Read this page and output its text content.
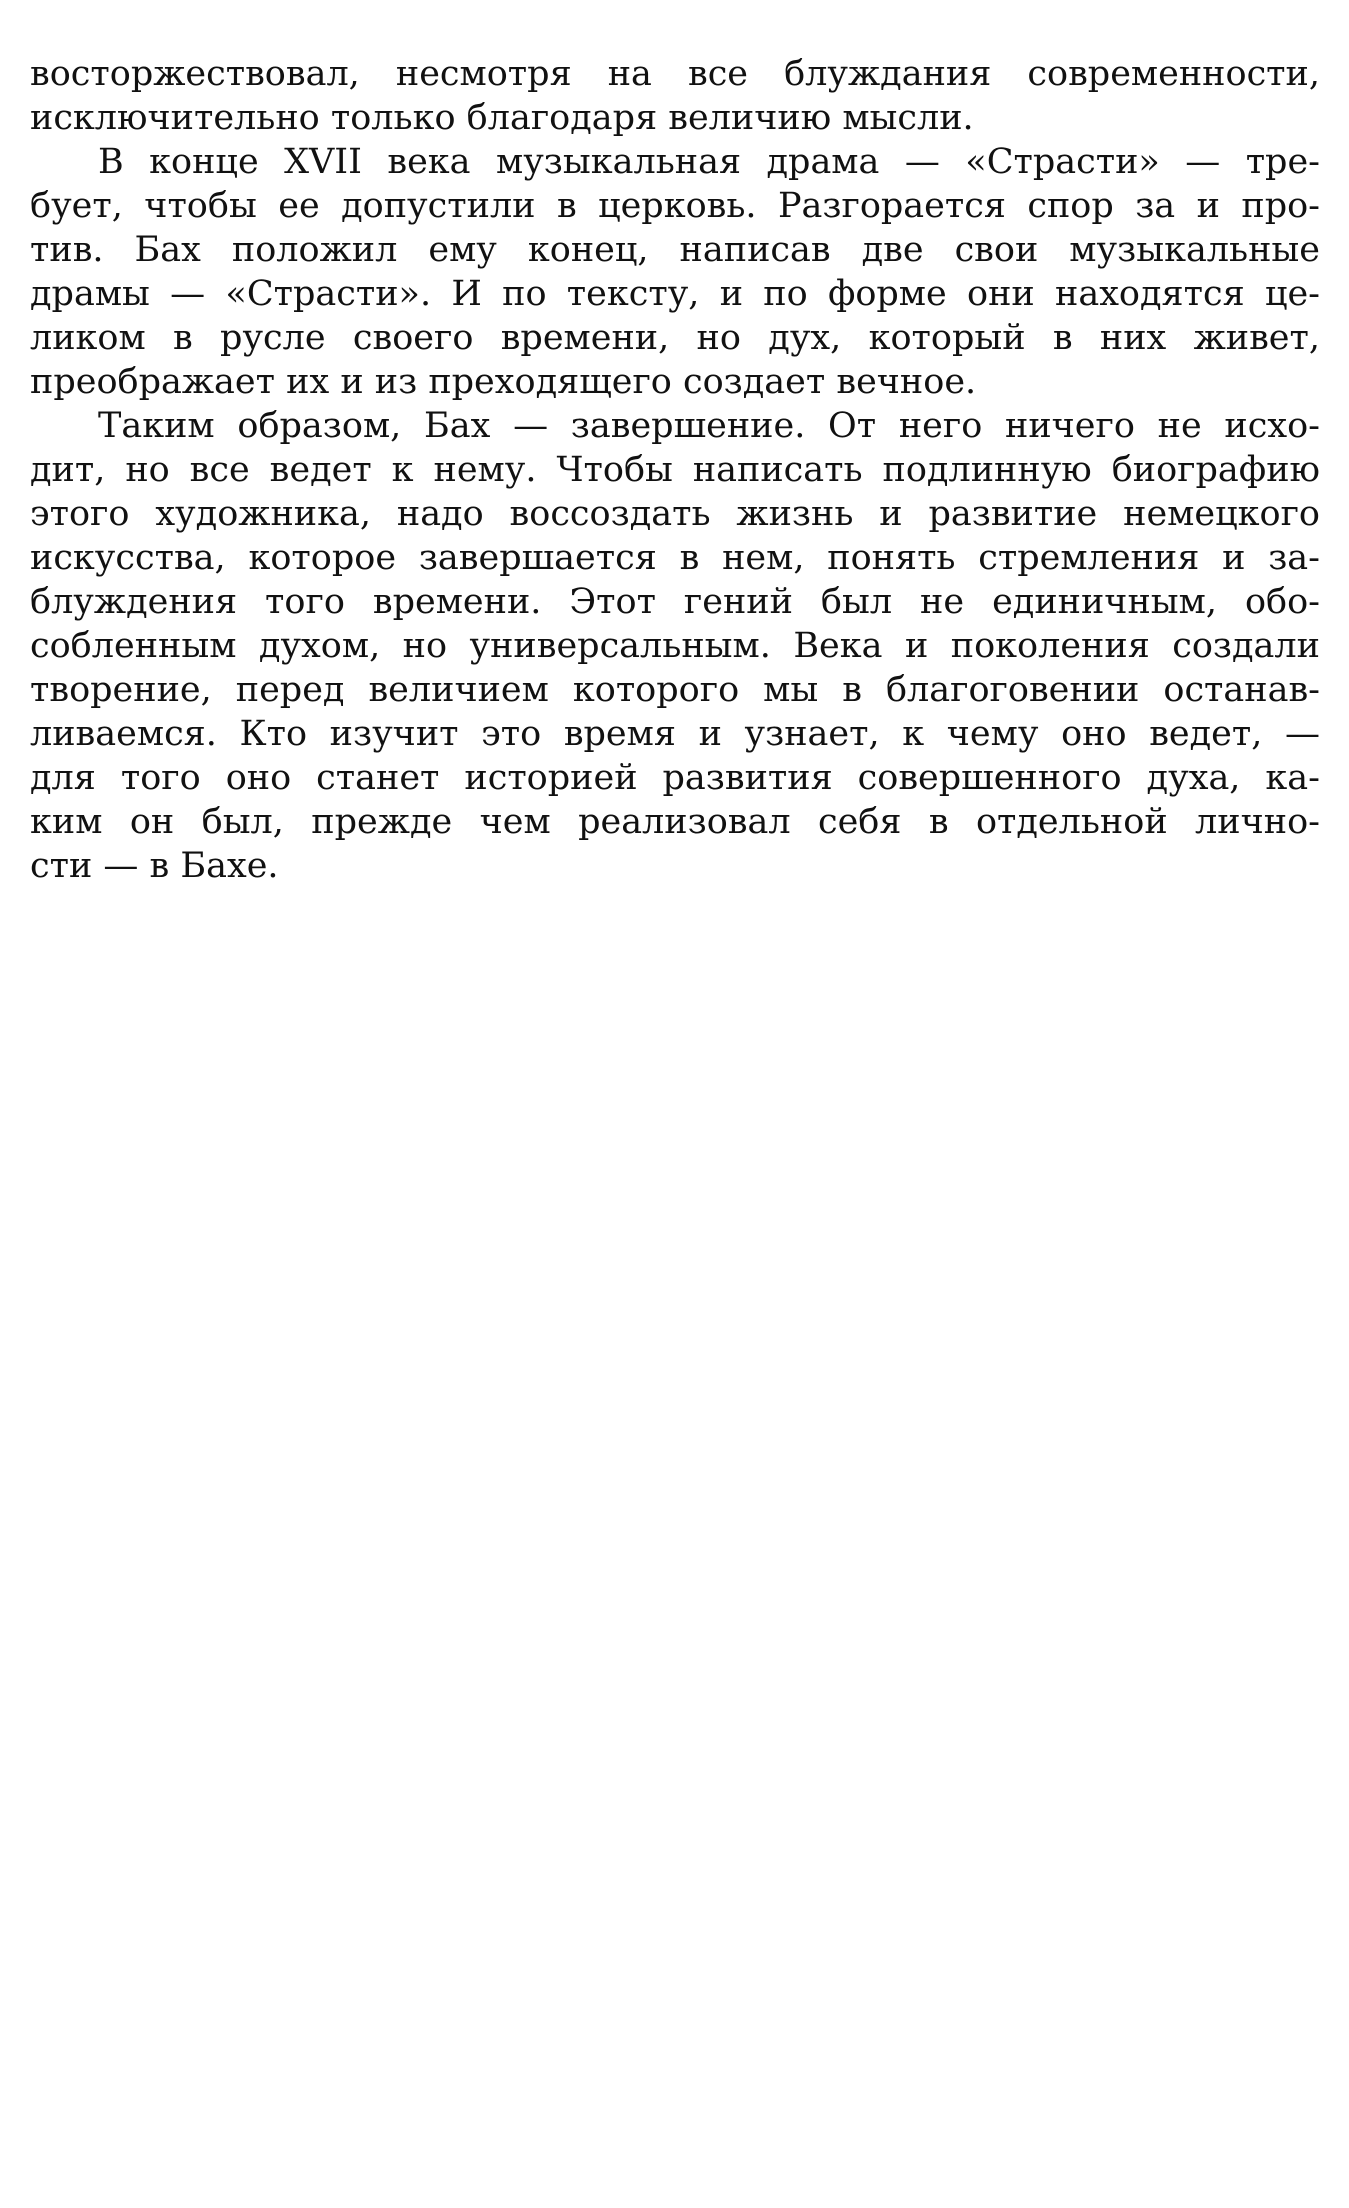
восторжествовал, несмотря на все блуждания современности,
исключительно только благодаря величию мысли.
В конце XVII века музыкальная драма — «Страсти» — тре-
бует, чтобы ее допустили в церковь. Разгорается спор за и про-
тив. Бах положил ему конец, написав две свои музыкальные
драмы — «Страсти». И по тексту, и по форме они находятся це-
ликом в русле своего времени, но дух, который в них живет,
преображает их и из преходящего создает вечное.
Таким образом, Бах — завершение. От него ничего не исхо-
дит, но все ведет к нему. Чтобы написать подлинную биографию
этого художника, надо воссоздать жизнь и развитие немецкого
искусства, которое завершается в нем, понять стремления и за-
блуждения того времени. Этот гений был не единичным, обо-
собленным духом, но универсальным. Века и поколения создали
творение, перед величием которого мы в благоговении останав-
ливаемся. Кто изучит это время и узнает, к чему оно ведет, —
для того оно станет историей развития совершенного духа, ка-
ким он был, прежде чем реализовал себя в отдельной лично-
сти — в Бахе.
